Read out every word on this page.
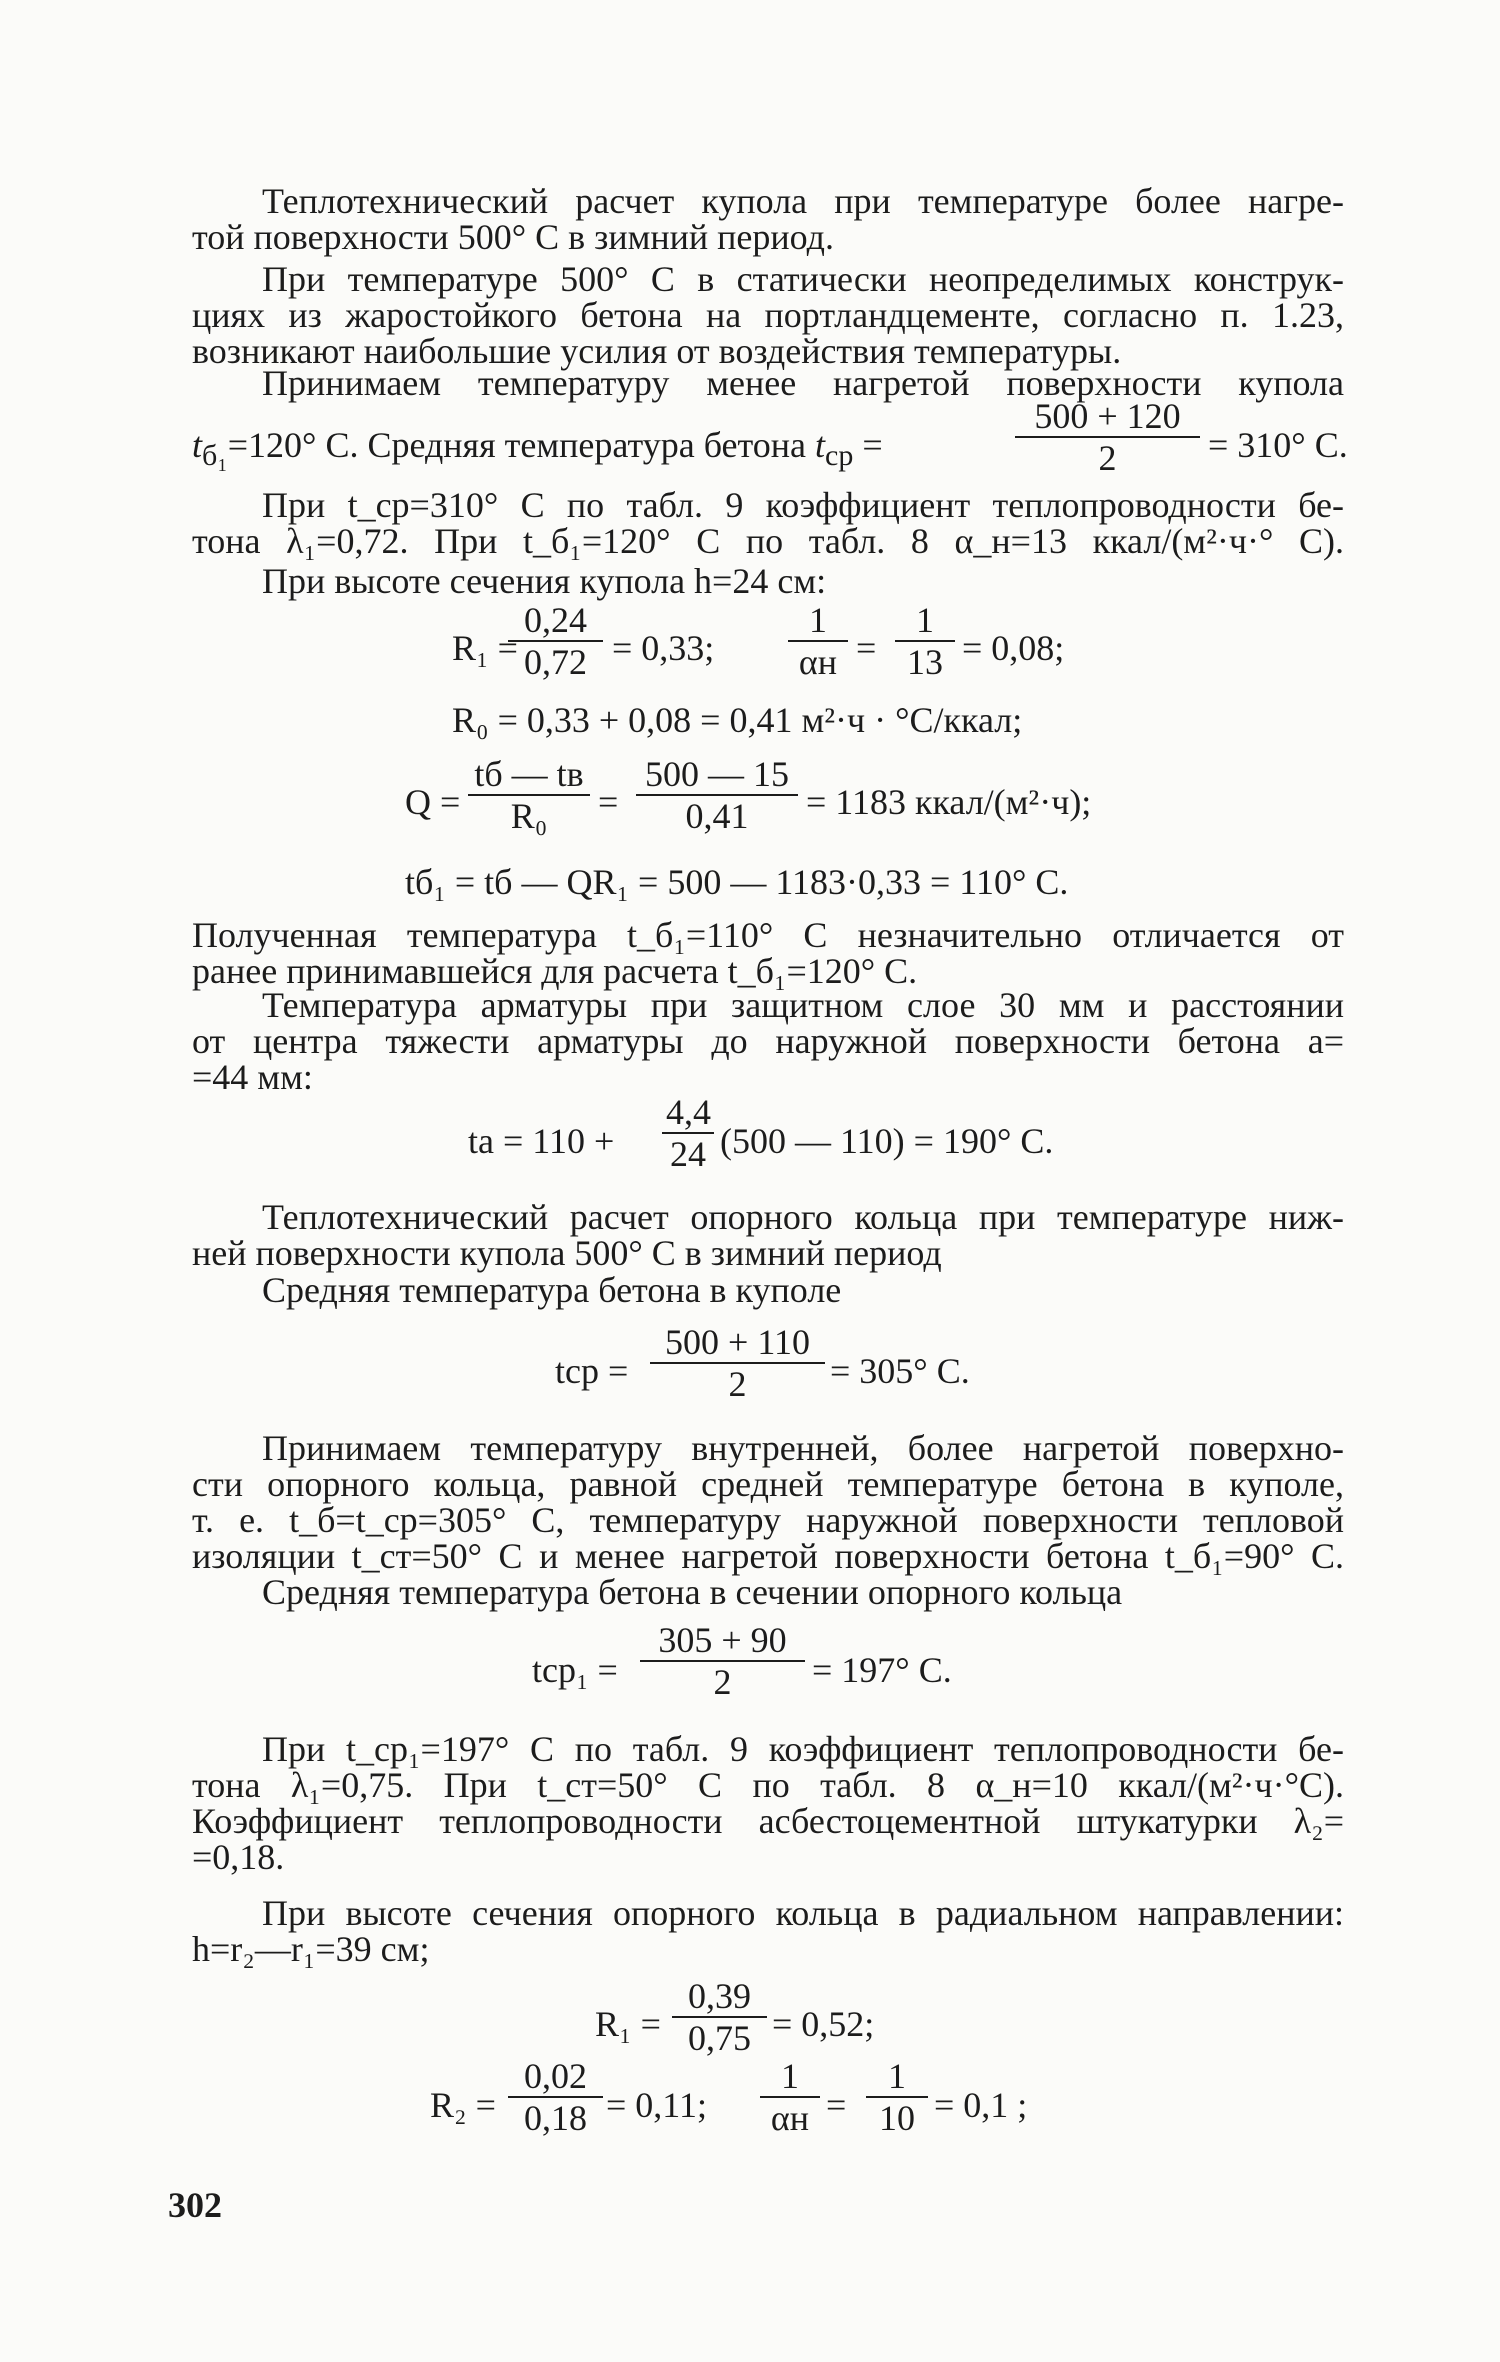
Теплотехнический расчет купола при температуре более нагре-
той поверхности 500° С в зимний период.
При температуре 500° С в статически неопределимых конструк-
циях из жаростойкого бетона на портландцементе, согласно п. 1.23,
возникают наибольшие усилия от воздействия температуры.
Принимаем температуру менее нагретой поверхности купола
$t_{б_1}=120^\circ$ С. Средняя температура бетона $t_{ср}$ =	$\frac{500 + 120}{2} = 310^\circ$ С.
При t_ср=310° С по табл. 9 коэффициент теплопроводности бе-
тона λ₁=0,72. При t_б₁=120° С по табл. 8 α_н=13 ккал/(м²·ч·° С).
При высоте сечения купола h=24 см:
R₁ =
$\frac{0,24}{0,72} = 0,33$;
1
$\alpha н = \frac{1}{13} = 0,08$;
R₀ = 0,33 + 0,08 = 0,41 м²·ч · °С/ккал;
Q =
tб — tв
R₀	= $\frac{500 — 15}{0,41} = 1183$ ккал/(м²·ч);
tб₁ = tб — QR₁ = 500 — 1183·0,33 = 110° С.
Полученная температура t_б₁=110° С незначительно отличается от
ранее принимавшейся для расчета t_б₁=120° С.
Температура арматуры при защитном слое 30 мм и расстоянии
от центра тяжести арматуры до наружной поверхности бетона a=
=44 мм:
tа = $110 + \frac{4,4}{24} (500$ — 110) = 190° С.
Теплотехнический расчет опорного кольца при температуре ниж-
ней поверхности купола 500° С в зимний период
Средняя температура бетона в куполе
tср = $\frac{500 + 110}{2} = 305^\circ$ С.
Принимаем температуру внутренней, более нагретой поверхно-
сти опорного кольца, равной средней температуре бетона в куполе,
т. е. t_б=t_ср=305° С, температуру наружной поверхности тепловой
изоляции t_ст=50° С и менее нагретой поверхности бетона t_б₁=90° С.
Средняя температура бетона в сечении опорного кольца
$tср_1 = \frac{305 + 90}{2} = 197^\circ$ С.
При t_ср₁=197° С по табл. 9 коэффициент теплопроводности бе-
тона λ₁=0,75. При t_ст=50° С по табл. 8 α_н=10 ккал/(м²·ч·°С).
Коэффициент теплопроводности асбестоцементной штукатурки λ₂=
=0,18.
При высоте сечения опорного кольца в радиальном направлении:
h=r₂—r₁=39 см;
$R_1 = \frac{0,39}{0,75} = 0,52$;
$R_2 = \frac{0,02}{0,18} = 0,11$;
1
$\alpha н = \frac{1}{10} = 0,1$ ;
302
